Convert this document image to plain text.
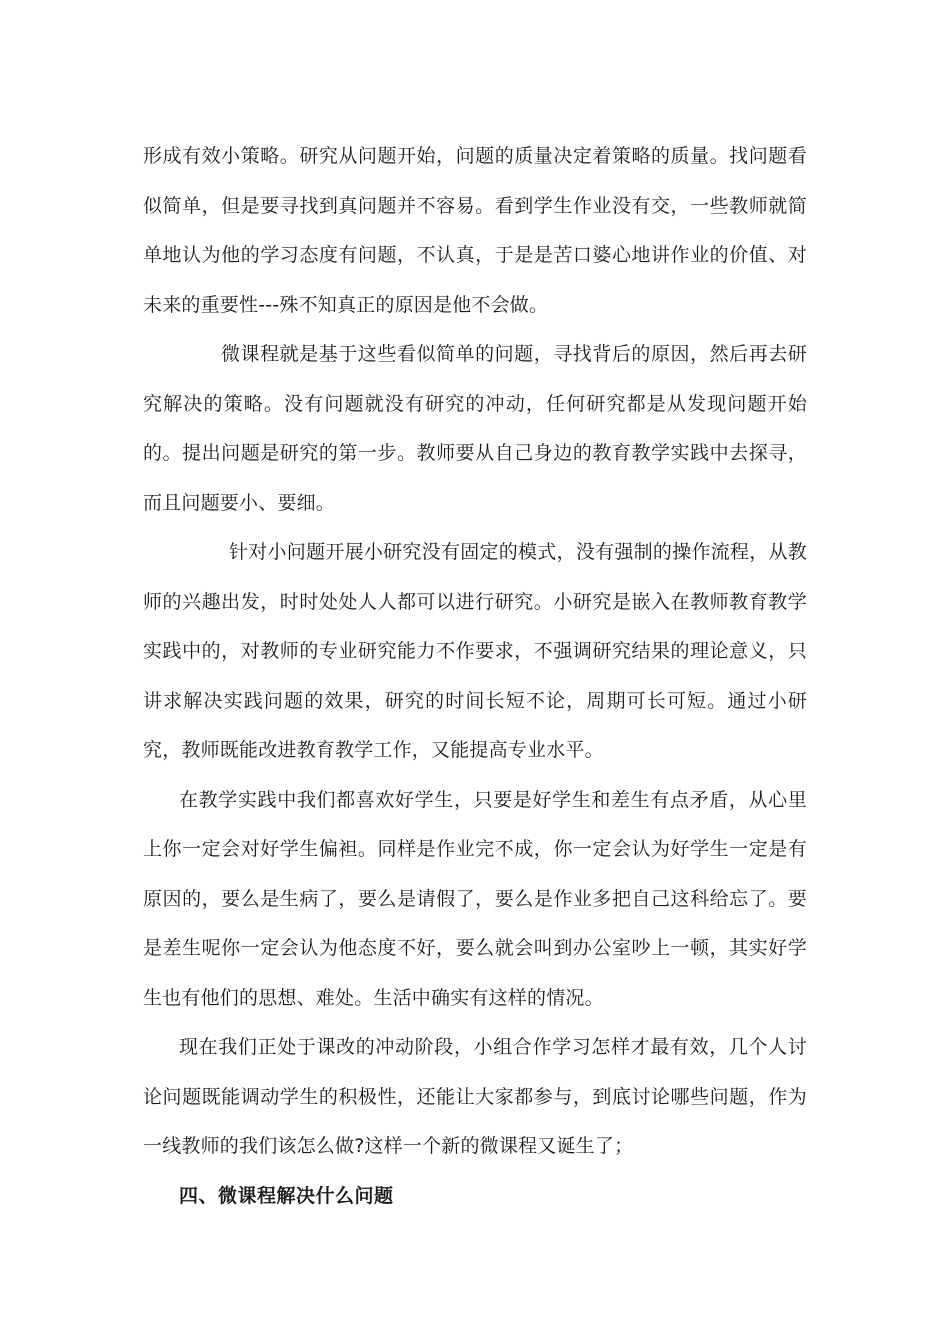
形成有效小策略。研究从问题开始，问题的质量决定着策略的质量。找问题看似简单，但是要寻找到真问题并不容易。看到学生作业没有交，一些教师就简单地认为他的学习态度有问题，不认真，于是是苦口婆心地讲作业的价值、对未来的重要性---殊不知真正的原因是他不会做。

微课程就是基于这些看似简单的问题，寻找背后的原因，然后再去研究解决的策略。没有问题就没有研究的冲动，任何研究都是从发现问题开始的。提出问题是研究的第一步。教师要从自己身边的教育教学实践中去探寻，而且问题要小、要细。

针对小问题开展小研究没有固定的模式，没有强制的操作流程，从教师的兴趣出发，时时处处人人都可以进行研究。小研究是嵌入在教师教育教学实践中的，对教师的专业研究能力不作要求，不强调研究结果的理论意义，只讲求解决实践问题的效果，研究的时间长短不论，周期可长可短。通过小研究，教师既能改进教育教学工作，又能提高专业水平。

在教学实践中我们都喜欢好学生，只要是好学生和差生有点矛盾，从心里上你一定会对好学生偏袒。同样是作业完不成，你一定会认为好学生一定是有原因的，要么是生病了，要么是请假了，要么是作业多把自己这科给忘了。要是差生呢你一定会认为他态度不好，要么就会叫到办公室吵上一顿，其实好学生也有他们的思想、难处。生活中确实有这样的情况。

现在我们正处于课改的冲动阶段，小组合作学习怎样才最有效，几个人讨论问题既能调动学生的积极性，还能让大家都参与，到底讨论哪些问题，作为一线教师的我们该怎么做?这样一个新的微课程又诞生了；

四、微课程解决什么问题
